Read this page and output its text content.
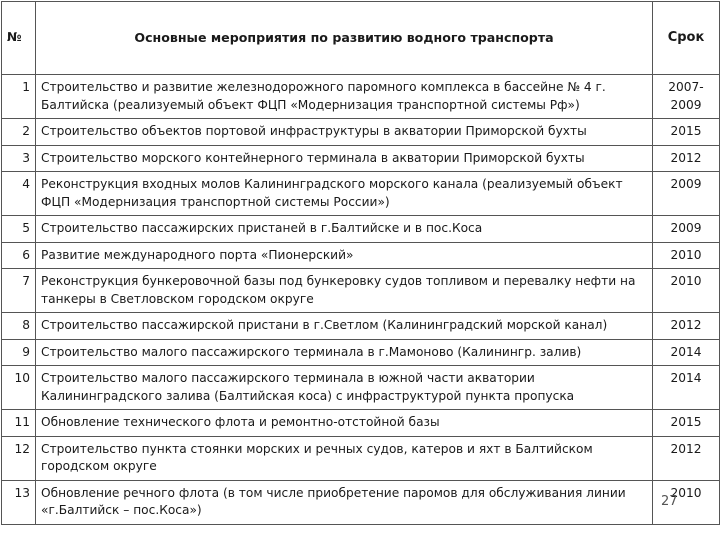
№	Основные мероприятия по развитию водного транспорта	Срок
1	Строительство и развитие железнодорожного паромного комплекса в бассейне № 4 г. Балтийска (реализуемый объект ФЦП «Модернизация транспортной системы Рф»)	2007-2009
2	Строительство объектов портовой инфраструктуры в акватории Приморской бухты	2015
3	Строительство морского контейнерного терминала в акватории Приморской бухты	2012
4	Реконструкция входных молов Калининградского морского канала (реализуемый объект ФЦП «Модернизация транспортной системы России»)	2009
5	Строительство пассажирских пристаней в г.Балтийске и в пос.Коса	2009
6	Развитие международного порта «Пионерский»	2010
7	Реконструкция бункеровочной базы под бункеровку судов топливом и перевалку нефти на танкеры в Светловском городском округе	2010
8	Строительство пассажирской пристани в г.Светлом (Калининградский морской канал)	2012
9	Строительство малого пассажирского терминала в г.Мамоново (Калинингр. залив)	2014
10	Строительство малого пассажирского терминала в южной части акватории Калининградского залива (Балтийская коса) с инфраструктурой пункта пропуска	2014
11	Обновление технического флота и ремонтно-отстойной базы	2015
12	Строительство пункта стоянки морских и речных судов, катеров и яхт в Балтийском городском округе	2012
13	Обновление речного флота (в том числе приобретение паромов для обслуживания линии «г.Балтийск – пос.Коса»)	2010
27
